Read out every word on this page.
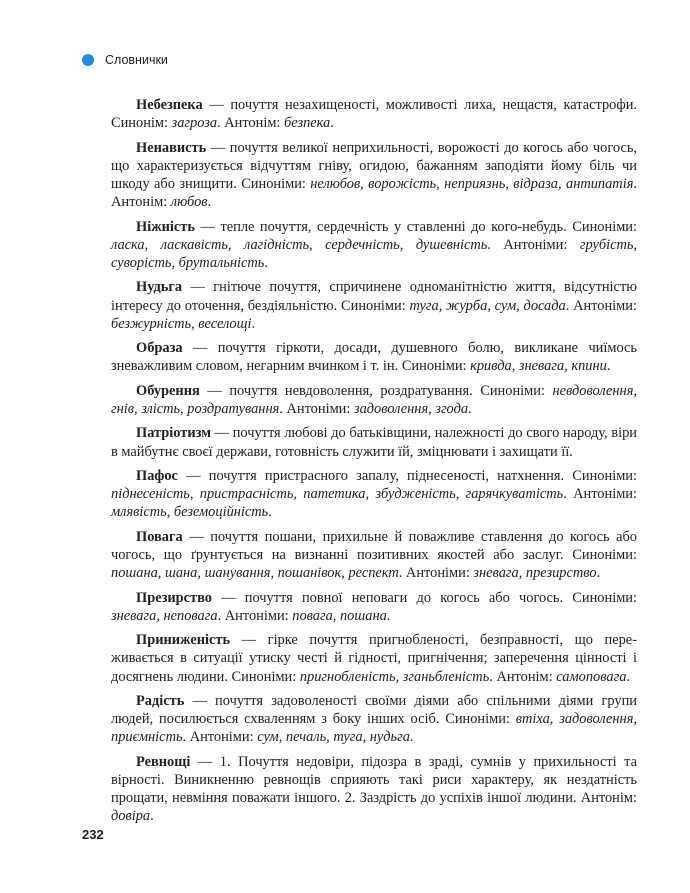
Словнички

Небезпека — почуття незахищеності, можливості лиха, нещастя, катастрофи. Синонім: загроза. Антонім: безпека.

Ненависть — почуття великої неприхильності, ворожості до когось або чогось, що характеризується відчуттям гніву, огидою, бажанням заподіяти йому біль чи шкоду або знищити. Синоніми: нелюбов, ворожість, неприязнь, відраза, антипатія. Антонім: любов.

Ніжність — тепле почуття, сердечність у ставленні до кого-небудь. Синоніми: ласка, ласкавість, лагідність, сердечність, душевність. Антоніми: грубість, суворість, брутальність.

Нудьга — гнітюче почуття, спричинене одноманітністю життя, відсутністю інтересу до оточення, бездіяльністю. Синоніми: туга, журба, сум, досада. Антоніми: безжурність, веселощі.

Образа — почуття гіркоти, досади, душевного болю, викликане чиїмось зневажливим словом, негарним вчинком і т. ін. Синоніми: кривда, зневага, кпини.

Обурення — почуття невдоволення, роздратування. Синоніми: невдоволення, гнів, злість, роздратування. Антоніми: задоволення, згода.

Патріотизм — почуття любові до батьківщини, належності до свого народу, віри в майбутнє своєї держави, готовність служити їй, зміцнювати і захищати її.

Пафос — почуття пристрасного запалу, піднесеності, натхнення. Синоніми: піднесеність, пристрасність, патетика, збудженість, гарячкуватість. Антоніми: млявість, беземоційність.

Повага — почуття пошани, прихильне й поважливе ставлення до когось або чогось, що ґрунтується на визнанні позитивних якостей або заслуг. Синоніми: пошана, шана, шанування, пошанівок, респект. Антоніми: зневага, презирство.

Презирство — почуття повної неповаги до когось або чогось. Синоніми: зневага, неповага. Антоніми: повага, пошана.

Приниженість — гірке почуття пригнобленості, безправності, що переживається в ситуації утиску честі й гідності, пригнічення; заперечення цінності і досягнень людини. Синоніми: пригнобленість, зганьбленість. Антонім: самоповага.

Радість — почуття задоволеності своїми діями або спільними діями групи людей, посилюється схваленням з боку інших осіб. Синоніми: втіха, задоволення, приємність. Антоніми: сум, печаль, туга, нудьга.

Ревнощі — 1. Почуття недовіри, підозра в зраді, сумнів у прихильності та вірності. Виникненню ревнощів сприяють такі риси характеру, як нездатність прощати, невміння поважати іншого. 2. Заздрість до успіхів іншої людини. Антонім: довіра.

232
